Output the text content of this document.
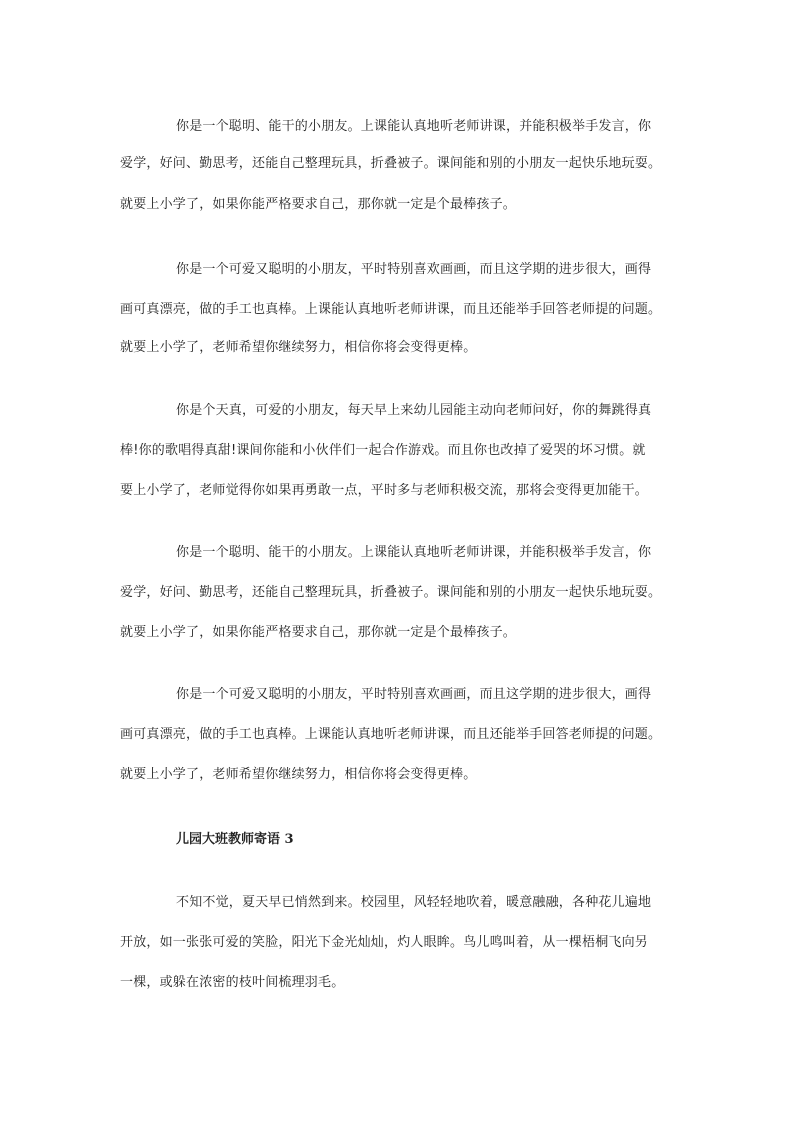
你是一个聪明、能干的小朋友。上课能认真地听老师讲课，并能积极举手发言，你
爱学，好问、勤思考，还能自己整理玩具，折叠被子。课间能和别的小朋友一起快乐地玩耍。
就要上小学了，如果你能严格要求自己，那你就一定是个最棒孩子。
你是一个可爱又聪明的小朋友，平时特别喜欢画画，而且这学期的进步很大，画得
画可真漂亮，做的手工也真棒。上课能认真地听老师讲课，而且还能举手回答老师提的问题。
就要上小学了，老师希望你继续努力，相信你将会变得更棒。
你是个天真，可爱的小朋友，每天早上来幼儿园能主动向老师问好，你的舞跳得真
棒!你的歌唱得真甜!课间你能和小伙伴们一起合作游戏。而且你也改掉了爱哭的坏习惯。就
要上小学了，老师觉得你如果再勇敢一点，平时多与老师积极交流，那将会变得更加能干。
你是一个聪明、能干的小朋友。上课能认真地听老师讲课，并能积极举手发言，你
爱学，好问、勤思考，还能自己整理玩具，折叠被子。课间能和别的小朋友一起快乐地玩耍。
就要上小学了，如果你能严格要求自己，那你就一定是个最棒孩子。
你是一个可爱又聪明的小朋友，平时特别喜欢画画，而且这学期的进步很大，画得
画可真漂亮，做的手工也真棒。上课能认真地听老师讲课，而且还能举手回答老师提的问题。
就要上小学了，老师希望你继续努力，相信你将会变得更棒。
儿园大班教师寄语 3
不知不觉，夏天早已悄然到来。校园里，风轻轻地吹着，暖意融融，各种花儿遍地
开放，如一张张可爱的笑脸，阳光下金光灿灿，灼人眼眸。鸟儿鸣叫着，从一棵梧桐飞向另
一棵，或躲在浓密的枝叶间梳理羽毛。
